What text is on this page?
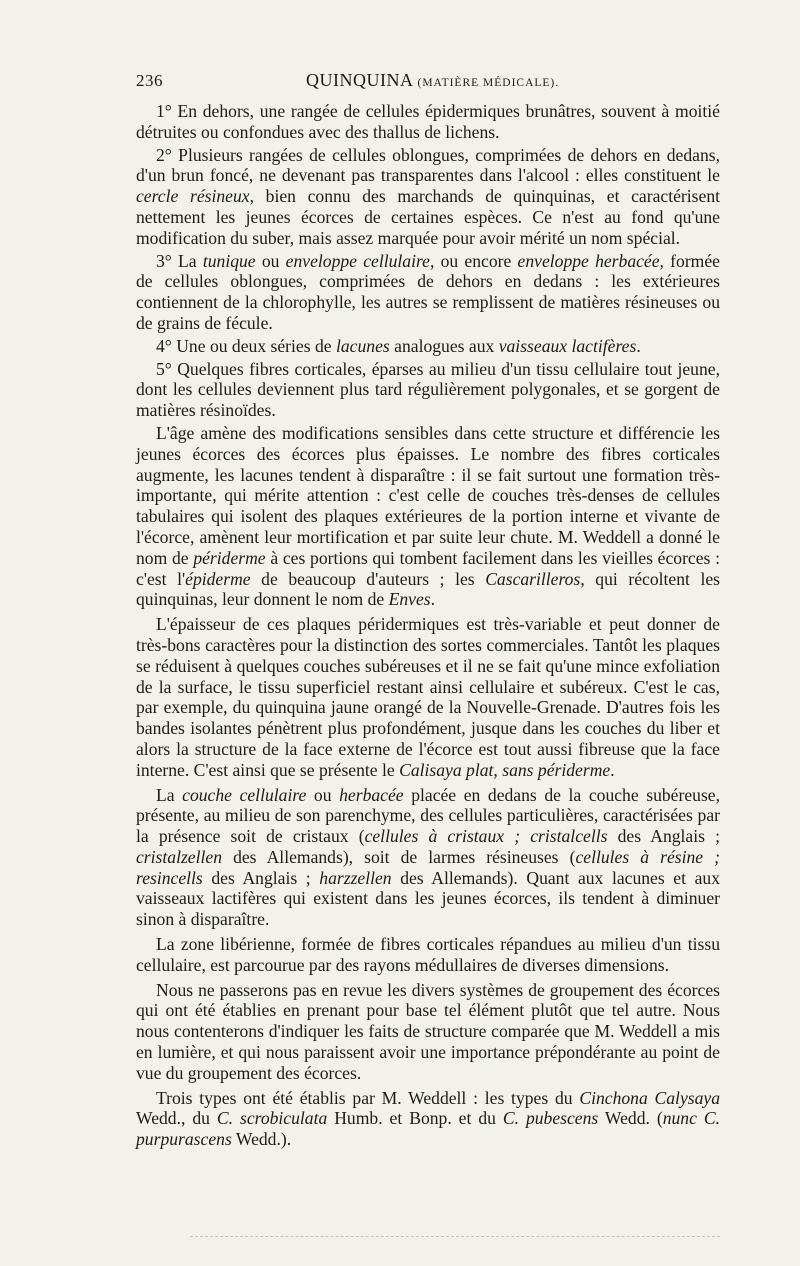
236	QUINQUINA (MATIÈRE MÉDICALE).

1° En dehors, une rangée de cellules épidermiques brunâtres, souvent à moitié détruites ou confondues avec des thallus de lichens.

2° Plusieurs rangées de cellules oblongues, comprimées de dehors en dedans, d'un brun foncé, ne devenant pas transparentes dans l'alcool : elles constituent le cercle résineux, bien connu des marchands de quinquinas, et caractérisent nettement les jeunes écorces de certaines espèces. Ce n'est au fond qu'une modification du suber, mais assez marquée pour avoir mérité un nom spécial.

3° La tunique ou enveloppe cellulaire, ou encore enveloppe herbacée, formée de cellules oblongues, comprimées de dehors en dedans : les extérieures contiennent de la chlorophylle, les autres se remplissent de matières résineuses ou de grains de fécule.

4° Une ou deux séries de lacunes analogues aux vaisseaux lactifères.

5° Quelques fibres corticales, éparses au milieu d'un tissu cellulaire tout jeune, dont les cellules deviennent plus tard régulièrement polygonales, et se gorgent de matières résinoïdes.

L'âge amène des modifications sensibles dans cette structure et différencie les jeunes écorces des écorces plus épaisses. Le nombre des fibres corticales augmente, les lacunes tendent à disparaître : il se fait surtout une formation très-importante, qui mérite attention : c'est celle de couches très-denses de cellules tabulaires qui isolent des plaques extérieures de la portion interne et vivante de l'écorce, amènent leur mortification et par suite leur chute. M. Weddell a donné le nom de périderme à ces portions qui tombent facilement dans les vieilles écorces : c'est l'épiderme de beaucoup d'auteurs ; les Cascarilleros, qui récoltent les quinquinas, leur donnent le nom de Enves.

L'épaisseur de ces plaques péridermiques est très-variable et peut donner de très-bons caractères pour la distinction des sortes commerciales. Tantôt les plaques se réduisent à quelques couches subéreuses et il ne se fait qu'une mince exfoliation de la surface, le tissu superficiel restant ainsi cellulaire et subéreux. C'est le cas, par exemple, du quinquina jaune orangé de la Nouvelle-Grenade. D'autres fois les bandes isolantes pénètrent plus profondément, jusque dans les couches du liber et alors la structure de la face externe de l'écorce est tout aussi fibreuse que la face interne. C'est ainsi que se présente le Calisaya plat, sans périderme.

La couche cellulaire ou herbacée placée en dedans de la couche subéreuse, présente, au milieu de son parenchyme, des cellules particulières, caractérisées par la présence soit de cristaux (cellules à cristaux ; cristalcells des Anglais ; cristalzellen des Allemands), soit de larmes résineuses (cellules à résine ; resincells des Anglais ; harzzellen des Allemands). Quant aux lacunes et aux vaisseaux lactifères qui existent dans les jeunes écorces, ils tendent à diminuer sinon à disparaître.

La zone libérienne, formée de fibres corticales répandues au milieu d'un tissu cellulaire, est parcourue par des rayons médullaires de diverses dimensions.

Nous ne passerons pas en revue les divers systèmes de groupement des écorces qui ont été établies en prenant pour base tel élément plutôt que tel autre. Nous nous contenterons d'indiquer les faits de structure comparée que M. Weddell a mis en lumière, et qui nous paraissent avoir une importance prépondérante au point de vue du groupement des écorces.

Trois types ont été établis par M. Weddell : les types du Cinchona Calysaya Wedd., du C. scrobiculata Humb. et Bonp. et du C. pubescens Wedd. (nunc C. purpurascens Wedd.).
